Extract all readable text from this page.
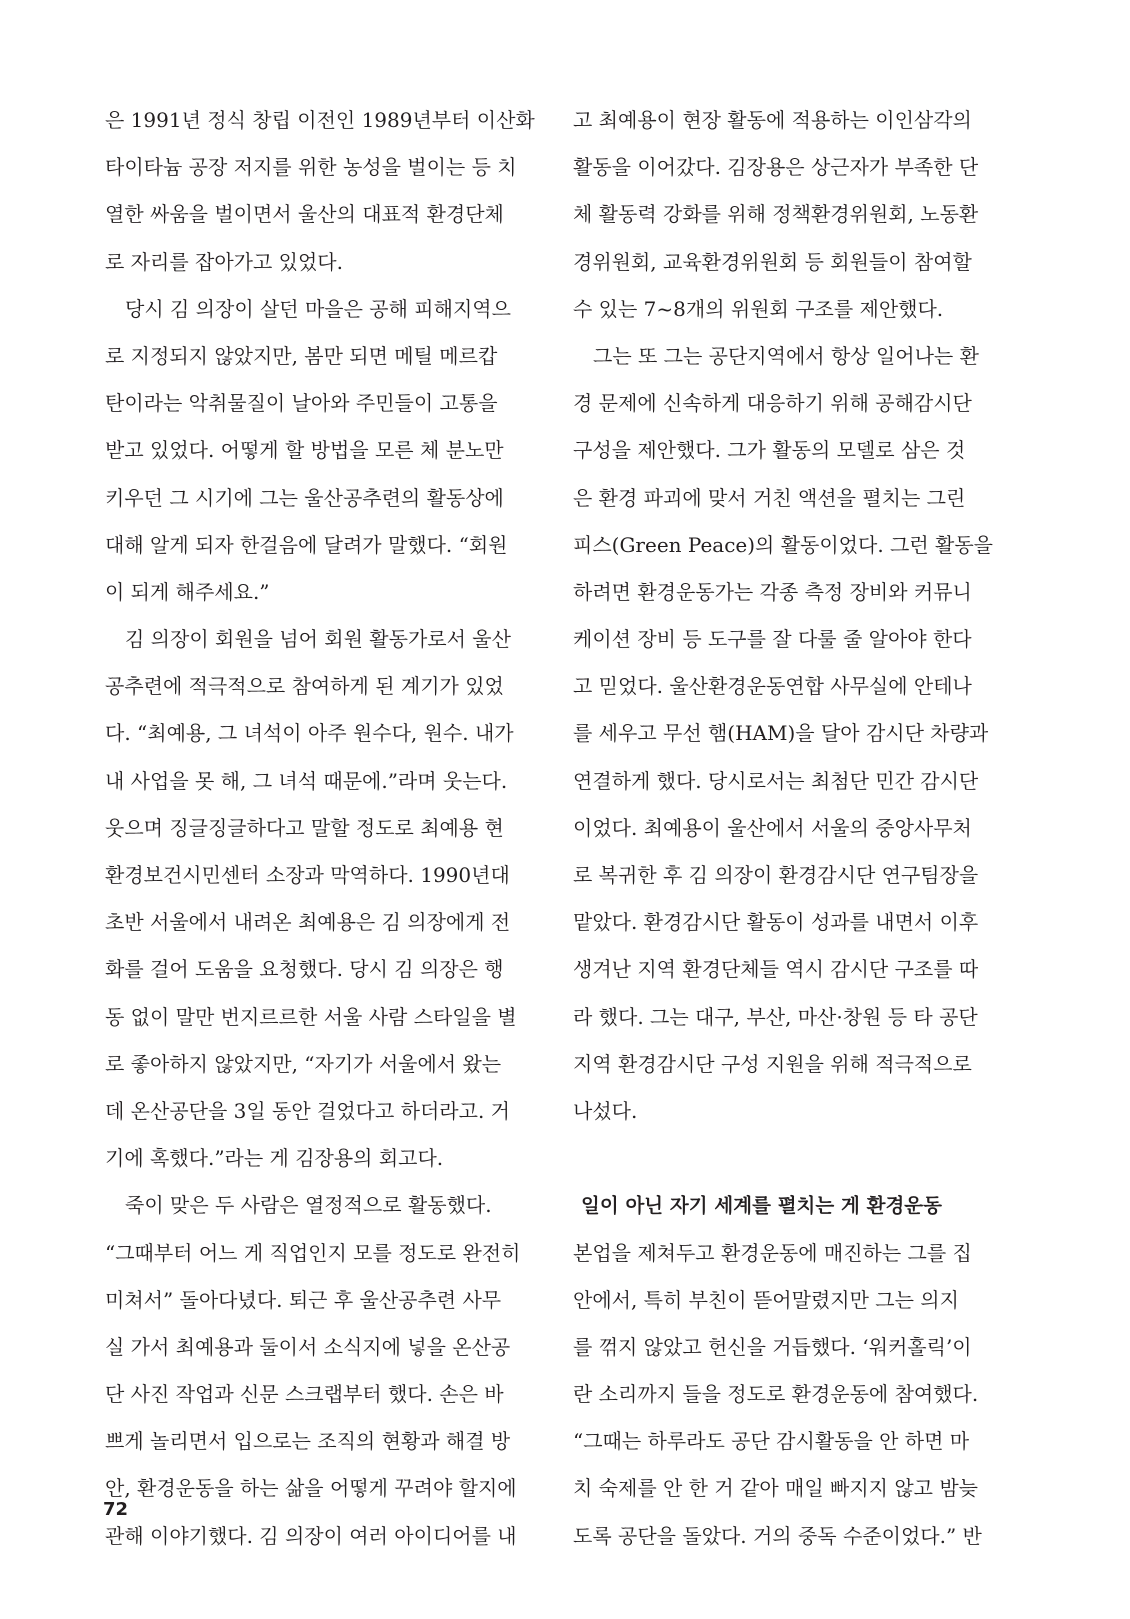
은 1991년 정식 창립 이전인 1989년부터 이산화
타이타늄 공장 저지를 위한 농성을 벌이는 등 치
열한 싸움을 벌이면서 울산의 대표적 환경단체
로 자리를 잡아가고 있었다.
당시 김 의장이 살던 마을은 공해 피해지역으
로 지정되지 않았지만, 봄만 되면 메틸 메르캅
탄이라는 악취물질이 날아와 주민들이 고통을
받고 있었다. 어떻게 할 방법을 모른 체 분노만
키우던 그 시기에 그는 울산공추련의 활동상에
대해 알게 되자 한걸음에 달려가 말했다. “회원
이 되게 해주세요.”
김 의장이 회원을 넘어 회원 활동가로서 울산
공추련에 적극적으로 참여하게 된 계기가 있었
다. “최예용, 그 녀석이 아주 원수다, 원수. 내가
내 사업을 못 해, 그 녀석 때문에.”라며 웃는다.
웃으며 징글징글하다고 말할 정도로 최예용 현
환경보건시민센터 소장과 막역하다. 1990년대
초반 서울에서 내려온 최예용은 김 의장에게 전
화를 걸어 도움을 요청했다. 당시 김 의장은 행
동 없이 말만 번지르르한 서울 사람 스타일을 별
로 좋아하지 않았지만, “자기가 서울에서 왔는
데 온산공단을 3일 동안 걸었다고 하더라고. 거
기에 혹했다.”라는 게 김장용의 회고다.
죽이 맞은 두 사람은 열정적으로 활동했다.
“그때부터 어느 게 직업인지 모를 정도로 완전히
미쳐서” 돌아다녔다. 퇴근 후 울산공추련 사무
실 가서 최예용과 둘이서 소식지에 넣을 온산공
단 사진 작업과 신문 스크랩부터 했다. 손은 바
쁘게 놀리면서 입으로는 조직의 현황과 해결 방
안, 환경운동을 하는 삶을 어떻게 꾸려야 할지에
관해 이야기했다. 김 의장이 여러 아이디어를 내
고 최예용이 현장 활동에 적용하는 이인삼각의
활동을 이어갔다. 김장용은 상근자가 부족한 단
체 활동력 강화를 위해 정책환경위원회, 노동환
경위원회, 교육환경위원회 등 회원들이 참여할
수 있는 7~8개의 위원회 구조를 제안했다.
그는 또 그는 공단지역에서 항상 일어나는 환
경 문제에 신속하게 대응하기 위해 공해감시단
구성을 제안했다. 그가 활동의 모델로 삼은 것
은 환경 파괴에 맞서 거친 액션을 펼치는 그린
피스(Green Peace)의 활동이었다. 그런 활동을
하려면 환경운동가는 각종 측정 장비와 커뮤니
케이션 장비 등 도구를 잘 다룰 줄 알아야 한다
고 믿었다. 울산환경운동연합 사무실에 안테나
를 세우고 무선 햄(HAM)을 달아 감시단 차량과
연결하게 했다. 당시로서는 최첨단 민간 감시단
이었다. 최예용이 울산에서 서울의 중앙사무처
로 복귀한 후 김 의장이 환경감시단 연구팀장을
맡았다. 환경감시단 활동이 성과를 내면서 이후
생겨난 지역 환경단체들 역시 감시단 구조를 따
라 했다. 그는 대구, 부산, 마산·창원 등 타 공단
지역 환경감시단 구성 지원을 위해 적극적으로
나섰다.
일이 아닌 자기 세계를 펼치는 게 환경운동
본업을 제쳐두고 환경운동에 매진하는 그를 집
안에서, 특히 부친이 뜯어말렸지만 그는 의지
를 꺾지 않았고 헌신을 거듭했다. ‘워커홀릭’이
란 소리까지 들을 정도로 환경운동에 참여했다.
“그때는 하루라도 공단 감시활동을 안 하면 마
치 숙제를 안 한 거 같아 매일 빠지지 않고 밤늦
도록 공단을 돌았다. 거의 중독 수준이었다.” 반
72
